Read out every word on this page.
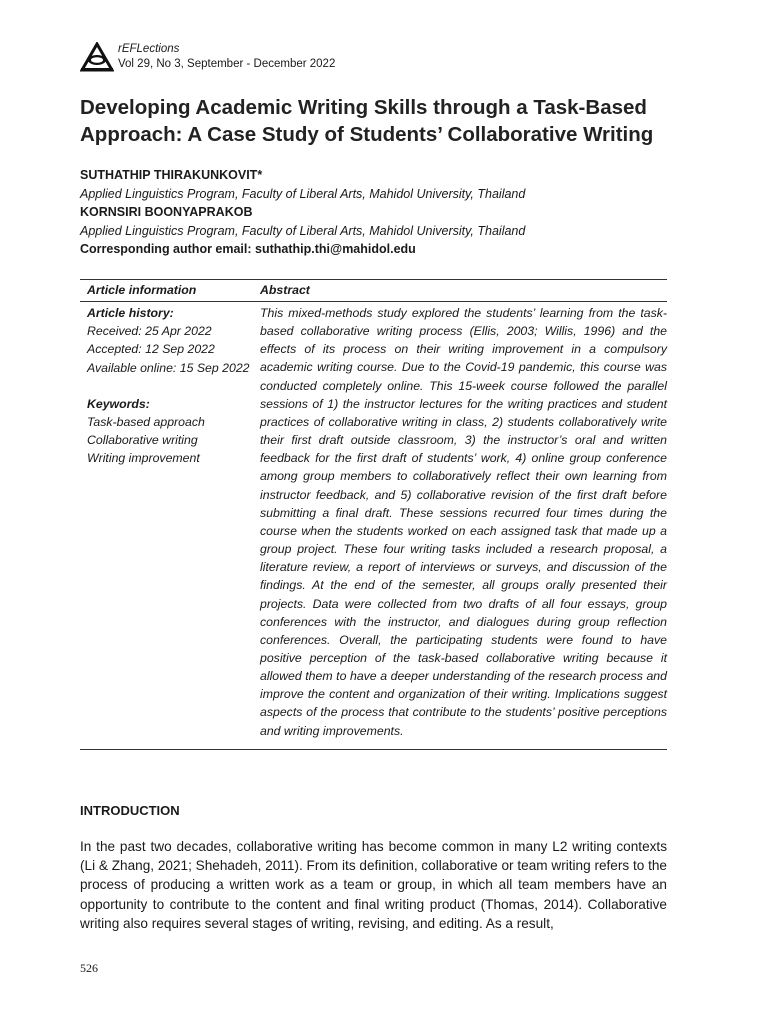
rEFLections
Vol 29, No 3, September - December 2022
Developing Academic Writing Skills through a Task-Based Approach: A Case Study of Students’ Collaborative Writing
SUTHATHIP THIRAKUNKOVIT*
Applied Linguistics Program, Faculty of Liberal Arts, Mahidol University, Thailand
KORNSIRI BOONYAPRAKOB
Applied Linguistics Program, Faculty of Liberal Arts, Mahidol University, Thailand
Corresponding author email: suthathip.thi@mahidol.edu
Article information	Abstract
Article history:
Received: 25 Apr 2022
Accepted: 12 Sep 2022
Available online: 15 Sep 2022
Keywords:
Task-based approach
Collaborative writing
Writing improvement

This mixed-methods study explored the students’ learning from the task-based collaborative writing process (Ellis, 2003; Willis, 1996) and the effects of its process on their writing improvement in a compulsory academic writing course. Due to the Covid-19 pandemic, this course was conducted completely online. This 15-week course followed the parallel sessions of 1) the instructor lectures for the writing practices and student practices of collaborative writing in class, 2) students collaboratively write their first draft outside classroom, 3) the instructor’s oral and written feedback for the first draft of students’ work, 4) online group conference among group members to collaboratively reflect their own learning from instructor feedback, and 5) collaborative revision of the first draft before submitting a final draft. These sessions recurred four times during the course when the students worked on each assigned task that made up a group project. These four writing tasks included a research proposal, a literature review, a report of interviews or surveys, and discussion of the findings. At the end of the semester, all groups orally presented their projects. Data were collected from two drafts of all four essays, group conferences with the instructor, and dialogues during group reflection conferences. Overall, the participating students were found to have positive perception of the task-based collaborative writing because it allowed them to have a deeper understanding of the research process and improve the content and organization of their writing. Implications suggest aspects of the process that contribute to the students’ positive perceptions and writing improvements.

INTRODUCTION

In the past two decades, collaborative writing has become common in many L2 writing contexts (Li & Zhang, 2021; Shehadeh, 2011). From its definition, collaborative or team writing refers to the process of producing a written work as a team or group, in which all team members have an opportunity to contribute to the content and final writing product (Thomas, 2014). Collaborative writing also requires several stages of writing, revising, and editing. As a result,

526
